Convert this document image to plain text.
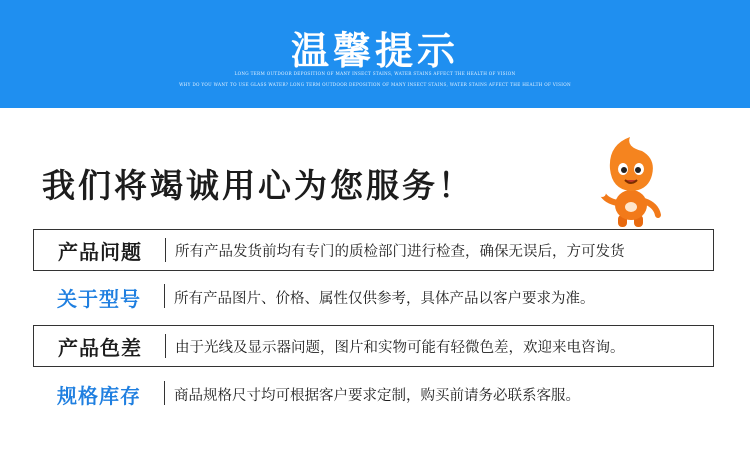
温馨提示
LONG TERM OUTDOOR DEPOSITION OF MANY INSECT STAINS, WATER STAINS AFFECT THE HEALTH OF VISION
WHY DO YOU WANT TO USE GLASS WATER? LONG TERM OUTDOOR DEPOSITION OF MANY INSECT STAINS, WATER STAINS AFFECT THE HEALTH OF VISION
我们将竭诚用心为您服务！
产品问题	所有产品发货前均有专门的质检部门进行检查，确保无误后，方可发货
关于型号	所有产品图片、价格、属性仅供参考，具体产品以客户要求为准。
产品色差	由于光线及显示器问题，图片和实物可能有轻微色差，欢迎来电咨询。
规格库存	商品规格尺寸均可根据客户要求定制，购买前请务必联系客服。
